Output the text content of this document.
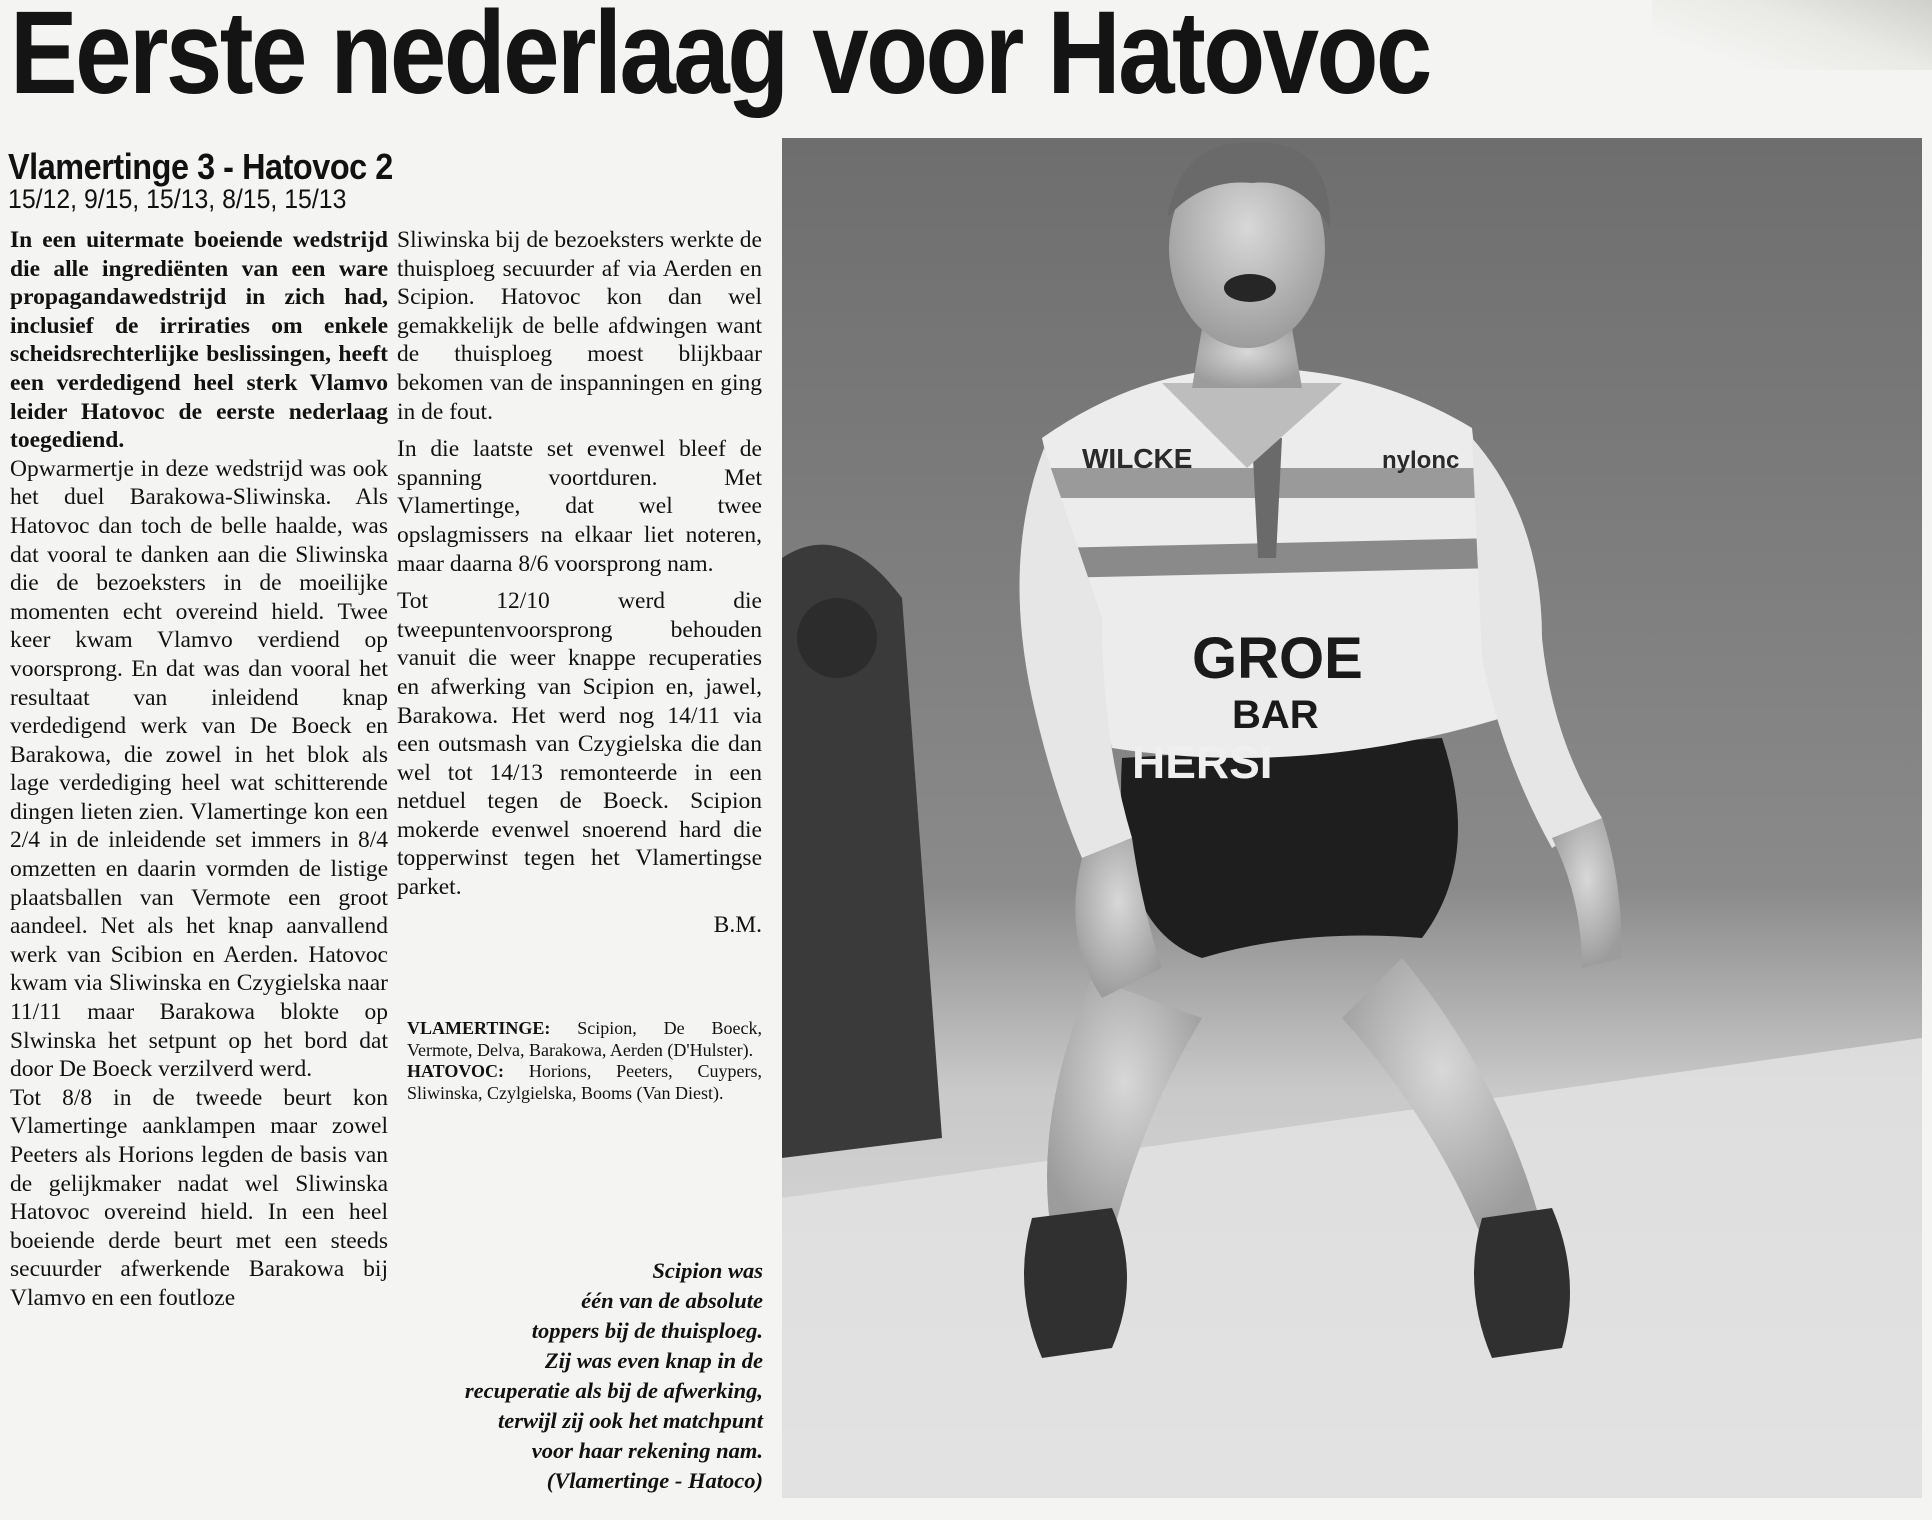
Eerste nederlaag voor Hatovoc
Vlamertinge 3 - Hatovoc 2
15/12, 9/15, 15/13, 8/15, 15/13

In een uitermate boeiende wedstrijd die alle ingrediënten van een ware propagandawedstrijd in zich had, inclusief de irriraties om enkele scheidsrechterlijke beslissingen, heeft een verdedigend heel sterk Vlamvo leider Hatovoc de eerste nederlaag toegediend.

Opwarmertje in deze wedstrijd was ook het duel Barakowa-Sliwinska. Als Hatovoc dan toch de belle haalde, was dat vooral te danken aan die Sliwinska die de bezoeksters in de moeilijke momenten echt overeind hield. Twee keer kwam Vlamvo verdiend op voorsprong. En dat was dan vooral het resultaat van inleidend knap verdedigend werk van De Boeck en Barakowa, die zowel in het blok als lage verdediging heel wat schitterende dingen lieten zien. Vlamertinge kon een 2/4 in de inleidende set immers in 8/4 omzetten en daarin vormden de listige plaatsballen van Vermote een groot aandeel. Net als het knap aanvallend werk van Scibion en Aerden. Hatovoc kwam via Sliwinska en Czygielska naar 11/11 maar Barakowa blokte op Slwinska het setpunt op het bord dat door De Boeck verzilverd werd.

Tot 8/8 in de tweede beurt kon Vlamertinge aanklampen maar zowel Peeters als Horions legden de basis van de gelijkmaker nadat wel Sliwinska Hatovoc overeind hield. In een heel boeiende derde beurt met een steeds secuurder afwerkende Barakowa bij Vlamvo en een foutloze

Sliwinska bij de bezoeksters werkte de thuisploeg secuurder af via Aerden en Scipion. Hatovoc kon dan wel gemakkelijk de belle afdwingen want de thuisploeg moest blijkbaar bekomen van de inspanningen en ging in de fout.

In die laatste set evenwel bleef de spanning voortduren. Met Vlamertinge, dat wel twee opslagmissers na elkaar liet noteren, maar daarna 8/6 voorsprong nam.

Tot 12/10 werd die tweepuntenvoorsprong behouden vanuit die weer knappe recuperaties en afwerking van Scipion en, jawel, Barakowa. Het werd nog 14/11 via een outsmash van Czygielska die dan wel tot 14/13 remonteerde in een netduel tegen de Boeck. Scipion mokerde evenwel snoerend hard die topperwinst tegen het Vlamertingse parket.

B.M.

VLAMERTINGE: Scipion, De Boeck, Vermote, Delva, Barakowa, Aerden (D'Hulster).

HATOVOC: Horions, Peeters, Cuypers, Sliwinska, Czylgielska, Booms (Van Diest).

Scipion was

één van de absolute

toppers bij de thuisploeg.

Zij was even knap in de

recuperatie als bij de afwerking,

terwijl zij ook het matchpunt

voor haar rekening nam.

(Vlamertinge - Hatoco)

WILCKE
GROE
BAR
HERSI
nylonc
